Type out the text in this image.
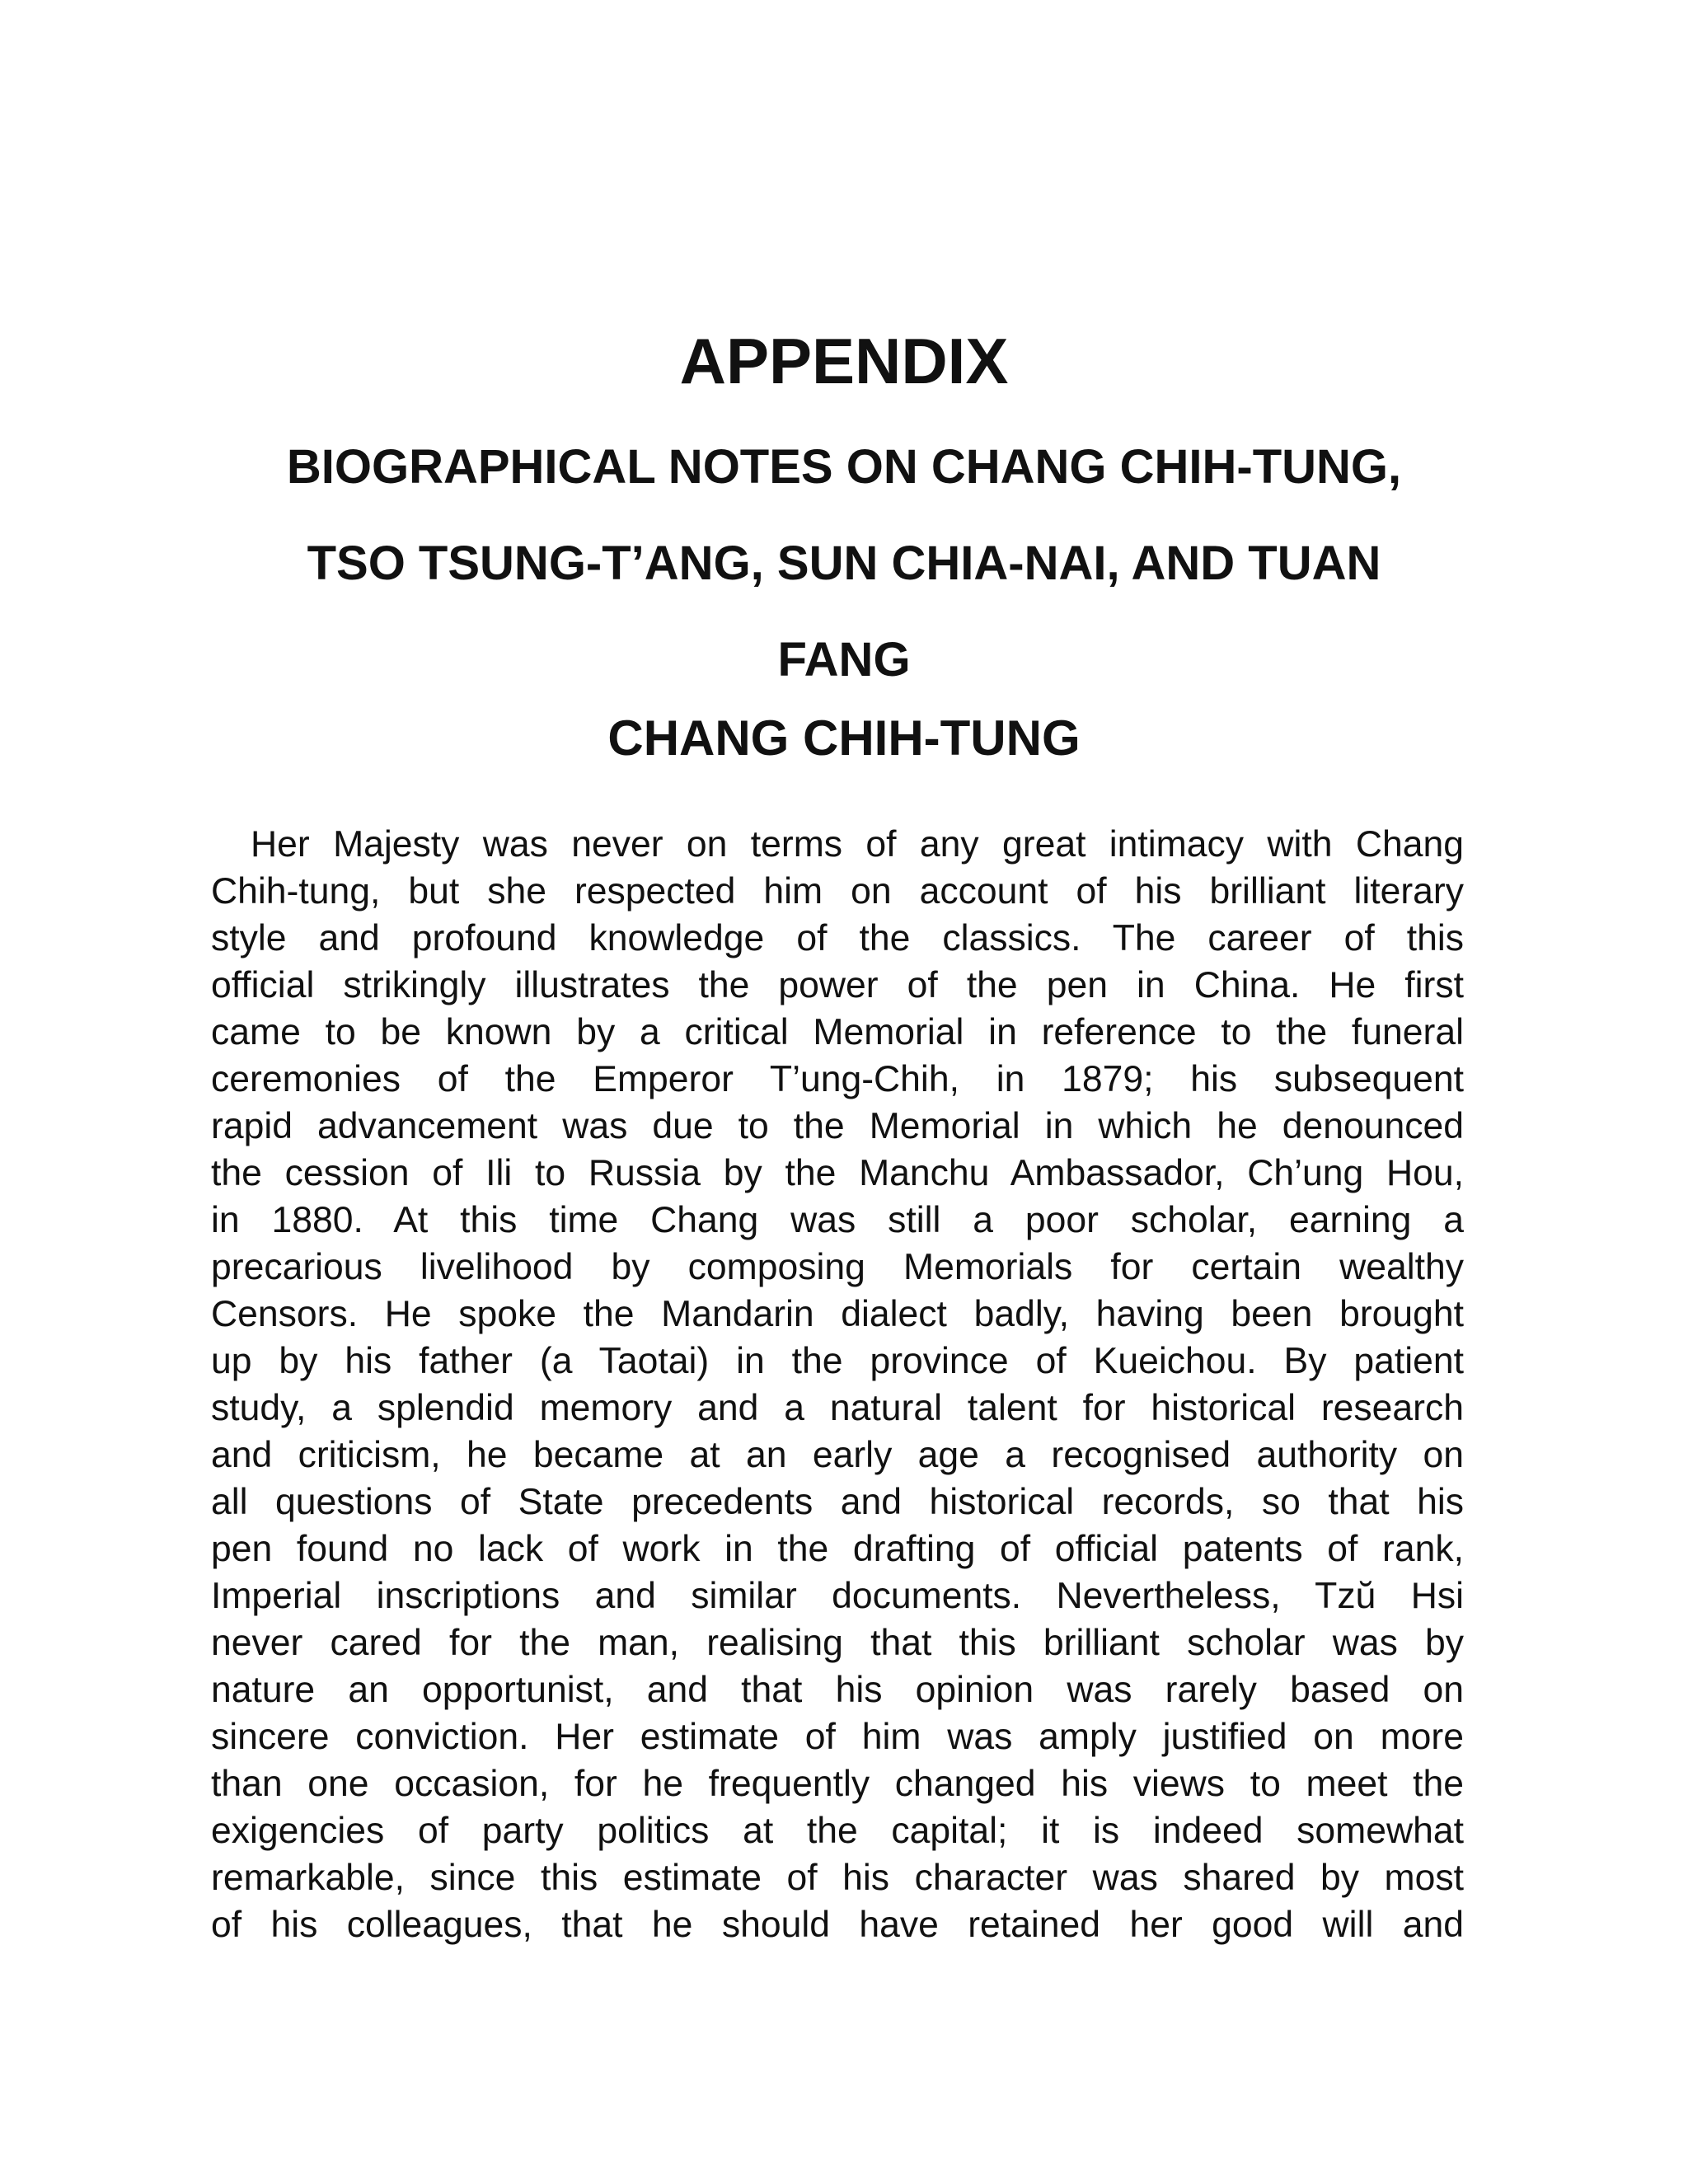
APPENDIX
BIOGRAPHICAL NOTES ON CHANG CHIH-TUNG,
TSO TSUNG-T’ANG, SUN CHIA-NAI, AND TUAN
FANG
CHANG CHIH-TUNG

Her Majesty was never on terms of any great intimacy with Chang
Chih-tung, but she respected him on account of his brilliant literary
style and profound knowledge of the classics. The career of this
official strikingly illustrates the power of the pen in China. He first
came to be known by a critical Memorial in reference to the funeral
ceremonies of the Emperor T’ung-Chih, in 1879; his subsequent
rapid advancement was due to the Memorial in which he denounced
the cession of Ili to Russia by the Manchu Ambassador, Ch’ung Hou,
in 1880. At this time Chang was still a poor scholar, earning a
precarious livelihood by composing Memorials for certain wealthy
Censors. He spoke the Mandarin dialect badly, having been brought
up by his father (a Taotai) in the province of Kueichou. By patient
study, a splendid memory and a natural talent for historical research
and criticism, he became at an early age a recognised authority on
all questions of State precedents and historical records, so that his
pen found no lack of work in the drafting of official patents of rank,
Imperial inscriptions and similar documents. Nevertheless, Tzŭ Hsi
never cared for the man, realising that this brilliant scholar was by
nature an opportunist, and that his opinion was rarely based on
sincere conviction. Her estimate of him was amply justified on more
than one occasion, for he frequently changed his views to meet the
exigencies of party politics at the capital; it is indeed somewhat
remarkable, since this estimate of his character was shared by most
of his colleagues, that he should have retained her good will and
